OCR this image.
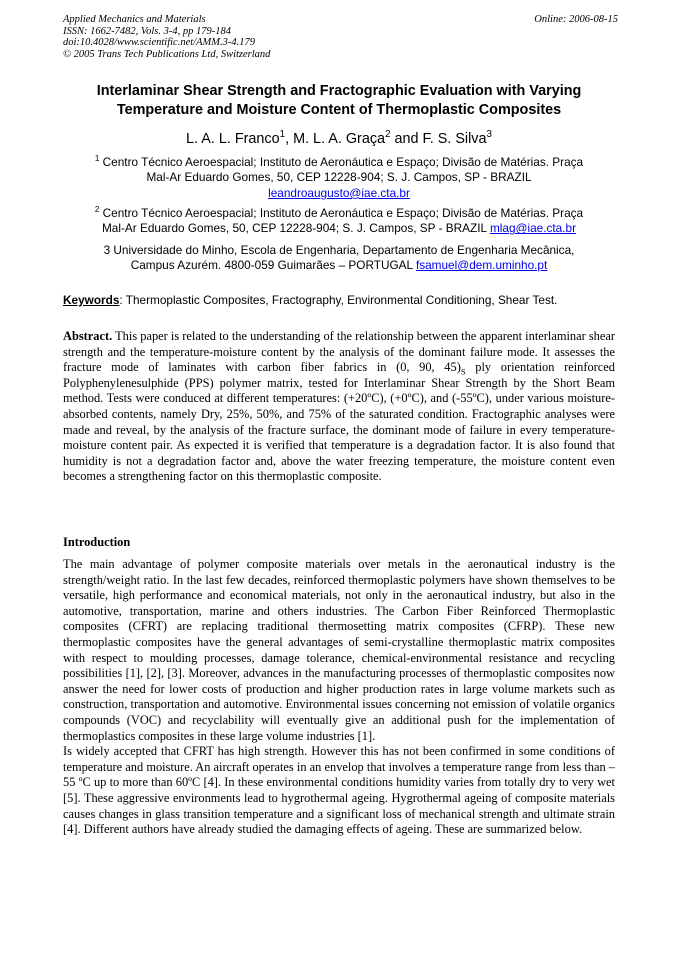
Applied Mechanics and Materials
ISSN: 1662-7482, Vols. 3-4, pp 179-184
doi:10.4028/www.scientific.net/AMM.3-4.179
© 2005 Trans Tech Publications Ltd, Switzerland
Online: 2006-08-15
Interlaminar Shear Strength and Fractographic Evaluation with Varying
Temperature and Moisture Content of Thermoplastic Composites
L. A. L. Franco$^1$, M. L. A. Graça$^2$ and F. S. Silva$^3$
$^1$ Centro Técnico Aeroespacial; Instituto de Aeronáutica e Espaço; Divisão de Matérias. Praça
Mal-Ar Eduardo Gomes, 50, CEP 12228-904; S. J. Campos, SP - BRAZIL
leandroaugusto@iae.cta.br
$^2$ Centro Técnico Aeroespacial; Instituto de Aeronáutica e Espaço; Divisão de Matérias. Praça
Mal-Ar Eduardo Gomes, 50, CEP 12228-904; S. J. Campos, SP - BRAZIL mlag@iae.cta.br
3 Universidade do Minho, Escola de Engenharia, Departamento de Engenharia Mecânica,
Campus Azurém. 4800-059 Guimarães – PORTUGAL fsamuel@dem.uminho.pt
Keywords: Thermoplastic Composites, Fractography, Environmental Conditioning, Shear Test.

Abstract. This paper is related to the understanding of the relationship between the apparent interlaminar shear strength and the temperature-moisture content by the analysis of the dominant failure mode. It assesses the fracture mode of laminates with carbon fiber fabrics in (0, 90, $45)_S$ ply orientation reinforced Polyphenylenesulphide (PPS) polymer matrix, tested for Interlaminar Shear Strength by the Short Beam method. Tests were conduced at different temperatures: (+20ºC), (+0ºC), and (-55ºC), under various moisture-absorbed contents, namely Dry, 25%, 50%, and 75% of the saturated condition. Fractographic analyses were made and reveal, by the analysis of the fracture surface, the dominant mode of failure in every temperature-moisture content pair. As expected it is verified that temperature is a degradation factor. It is also found that humidity is not a degradation factor and, above the water freezing temperature, the moisture content even becomes a strengthening factor on this thermoplastic composite.

Introduction

The main advantage of polymer composite materials over metals in the aeronautical industry is the strength/weight ratio. In the last few decades, reinforced thermoplastic polymers have shown themselves to be versatile, high performance and economical materials, not only in the aeronautical industry, but also in the automotive, transportation, marine and others industries. The Carbon Fiber Reinforced Thermoplastic composites (CFRT) are replacing traditional thermosetting matrix composites (CFRP). These new thermoplastic composites have the general advantages of semi-crystalline thermoplastic matrix composites with respect to moulding processes, damage tolerance, chemical-environmental resistance and recycling possibilities [1], [2], [3]. Moreover, advances in the manufacturing processes of thermoplastic composites now answer the need for lower costs of production and higher production rates in large volume markets such as construction, transportation and automotive. Environmental issues concerning not emission of volatile organics compounds (VOC) and recyclability will eventually give an additional push for the implementation of thermoplastics composites in these large volume industries [1].

Is widely accepted that CFRT has high strength. However this has not been confirmed in some conditions of temperature and moisture. An aircraft operates in an envelop that involves a temperature range from less than –55 ºC up to more than 60ºC [4]. In these environmental conditions humidity varies from totally dry to very wet [5]. These aggressive environments lead to hygrothermal ageing. Hygrothermal ageing of composite materials causes changes in glass transition temperature and a significant loss of mechanical strength and ultimate strain [4]. Different authors have already studied the damaging effects of ageing. These are summarized below.
